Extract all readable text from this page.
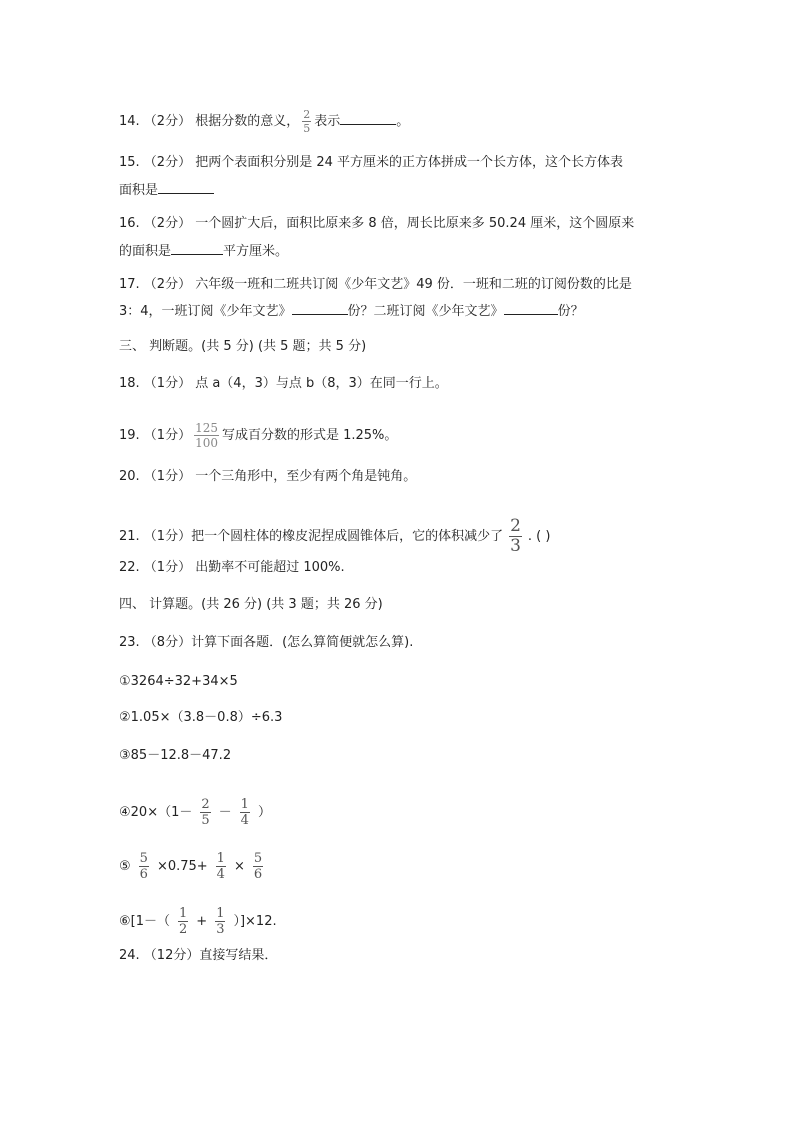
14. （2分） 根据分数的意义， $\frac{2}{5}$ 表示	。
15. （2分） 把两个表面积分别是 24 平方厘米的正方体拼成一个长方体，这个长方体表
面积是
16. （2分） 一个圆扩大后，面积比原来多 8 倍，周长比原来多 50.24 厘米，这个圆原来
的面积是	平方厘米。
17. （2分） 六年级一班和二班共订阅《少年文艺》49 份．一班和二班的订阅份数的比是
3：4，一班订阅《少年文艺》	份？二班订阅《少年文艺》	份？
三、 判断题。(共 5 分) (共 5 题；共 5 分)
18. （1分） 点 a（4，3）与点 b（8，3）在同一行上。
19. （1分） $\frac{125}{100}$ 写成百分数的形式是 1.25%。
20. （1分） 一个三角形中，至少有两个角是钝角。
21. （1分）把一个圆柱体的橡皮泥捏成圆锥体后，它的体积减少了 $\frac{2}{3}$ . ( )
22. （1分） 出勤率不可能超过 100%.
四、 计算题。(共 26 分) (共 3 题；共 26 分)
23. （8分）计算下面各题．(怎么算简便就怎么算).
①3264÷32+34×5
②1.05×（3.8－0.8）÷6.3
③85－12.8－47.2
④20×（1－ $\frac{2}{5} - \frac{1}{4}$ ）
⑤ $\frac{5}{6} \times 0.75+ \frac{1}{4} \times \frac{5}{6}$
⑥[1－（ $\frac{1}{2} + \frac{1}{3} )]\times 12$.
24. （12分）直接写结果．
